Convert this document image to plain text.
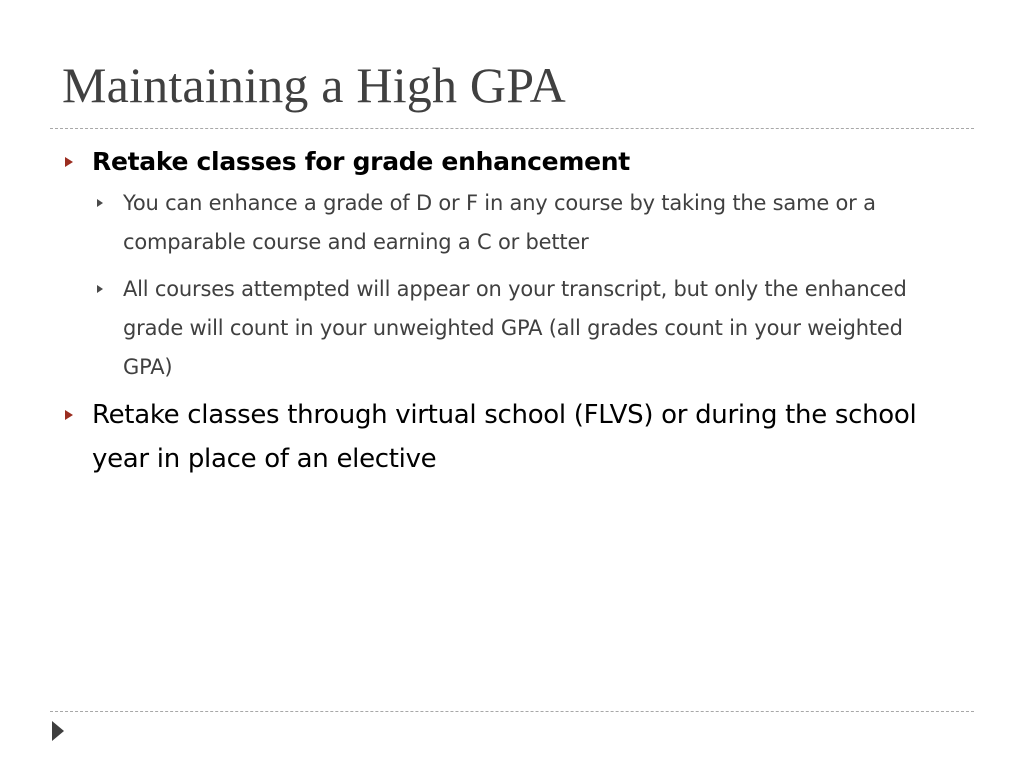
Maintaining a High GPA
Retake classes for grade enhancement
You can enhance a grade of D or F in any course by taking the same or a comparable course and earning a C or better
All courses attempted will appear on your transcript, but only the enhanced grade will count in your unweighted GPA (all grades count in your weighted GPA)
Retake classes through virtual school (FLVS) or during the school year in place of an elective
